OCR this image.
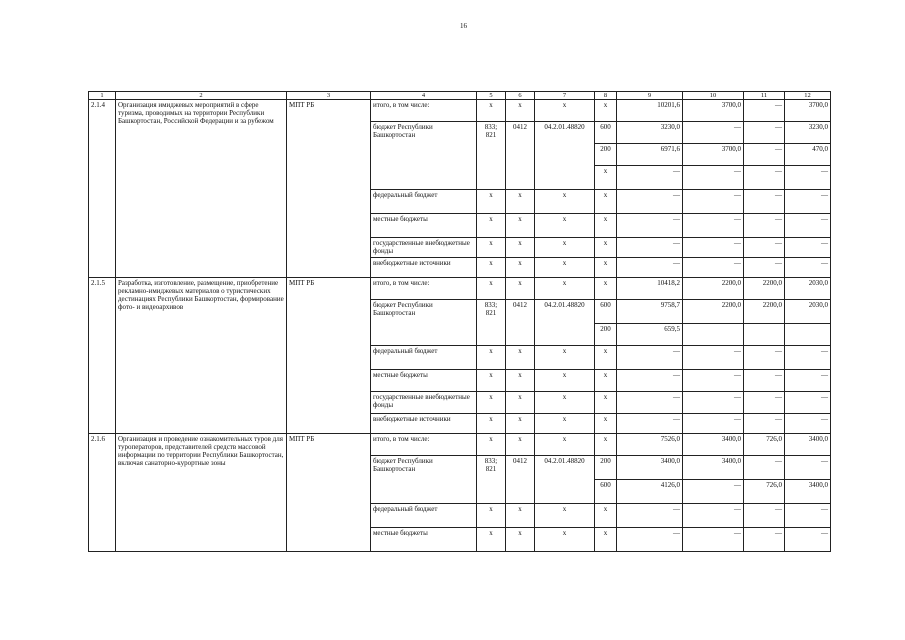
16
1	2	3	4	5	6	7	8	9	10	11	12
2.1.4	Организация имиджевых мероприятий в сфере туризма, проводимых на территории Республики Башкортостан, Российской Федерации и за рубежом	МПТ РБ	итого, в том числе:	х	х	х	х	10201,6	3700,0	—	3700,0
			бюджет Республики Башкортостан	833; 821	0412	04.2.01.48820	600	3230,0	—	—	3230,0
							200	6971,6	3700,0	—	470,0
							х	—	—	—	—
			федеральный бюджет	х	х	х	х	—	—	—	—
			местные бюджеты	х	х	х	х	—	—	—	—
			государственные внебюджетные фонды	х	х	х	х	—	—	—	—
			внебюджетные источники	х	х	х	х	—	—	—	—
2.1.5	Разработка, изготовление, размещение, приобретение рекламно-имиджевых материалов о туристических дестинациях Республики Башкортостан, формирование фото- и видеоархивов	МПТ РБ	итого, в том числе:	х	х	х	х	10418,2	2200,0	2200,0	2030,0
			бюджет Республики Башкортостан	833; 821	0412	04.2.01.48820	600	9758,7	2200,0	2200,0	2030,0
							200	659,5			
			федеральный бюджет	х	х	х	х	—	—	—	—
			местные бюджеты	х	х	х	х	—	—	—	—
			государственные внебюджетные фонды	х	х	х	х	—	—	—	—
			внебюджетные источники	х	х	х	х	—	—	—	—
2.1.6	Организация и проведение ознакомительных туров для туроператоров, представителей средств массовой информации по территории Республики Башкортостан, включая санаторно-курортные зоны	МПТ РБ	итого, в том числе:	х	х	х	х	7526,0	3400,0	726,0	3400,0
			бюджет Республики Башкортостан	833; 821	0412	04.2.01.48820	200	3400,0	3400,0	—	—
							600	4126,0	—	726,0	3400,0
			федеральный бюджет	х	х	х	х	—	—	—	—
			местные бюджеты	х	х	х	х	—	—	—	—
